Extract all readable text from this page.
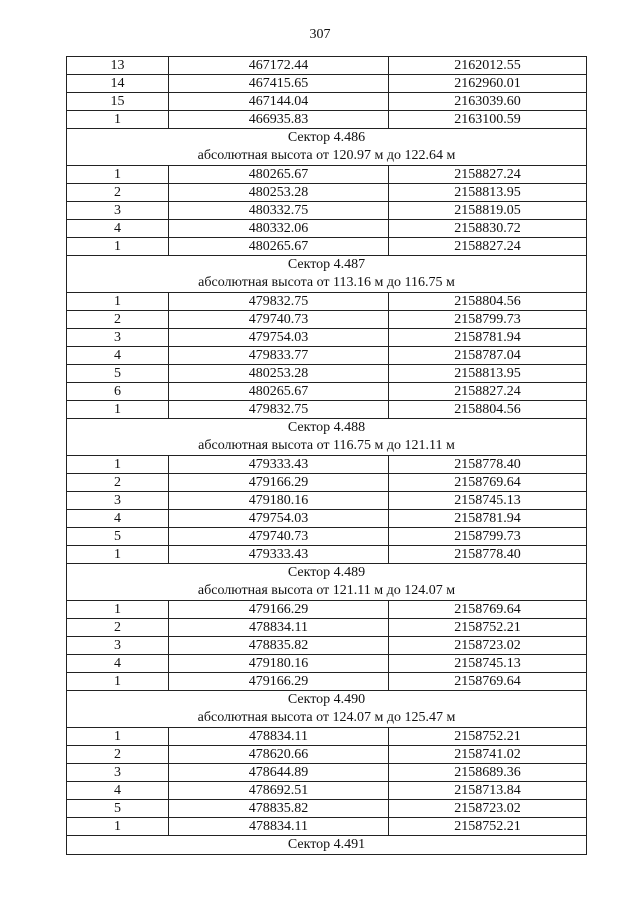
307
13	467172.44	2162012.55
14	467415.65	2162960.01
15	467144.04	2163039.60
1	466935.83	2163100.59
Сектор 4.486		
абсолютная высота от 120.97 м до 122.64 м		
1	480265.67	2158827.24
2	480253.28	2158813.95
3	480332.75	2158819.05
4	480332.06	2158830.72
1	480265.67	2158827.24
Сектор 4.487		
абсолютная высота от 113.16 м до 116.75 м		
1	479832.75	2158804.56
2	479740.73	2158799.73
3	479754.03	2158781.94
4	479833.77	2158787.04
5	480253.28	2158813.95
6	480265.67	2158827.24
1	479832.75	2158804.56
Сектор 4.488		
абсолютная высота от 116.75 м до 121.11 м		
1	479333.43	2158778.40
2	479166.29	2158769.64
3	479180.16	2158745.13
4	479754.03	2158781.94
5	479740.73	2158799.73
1	479333.43	2158778.40
Сектор 4.489		
абсолютная высота от 121.11 м до 124.07 м		
1	479166.29	2158769.64
2	478834.11	2158752.21
3	478835.82	2158723.02
4	479180.16	2158745.13
1	479166.29	2158769.64
Сектор 4.490		
абсолютная высота от 124.07 м до 125.47 м		
1	478834.11	2158752.21
2	478620.66	2158741.02
3	478644.89	2158689.36
4	478692.51	2158713.84
5	478835.82	2158723.02
1	478834.11	2158752.21
Сектор 4.491		
